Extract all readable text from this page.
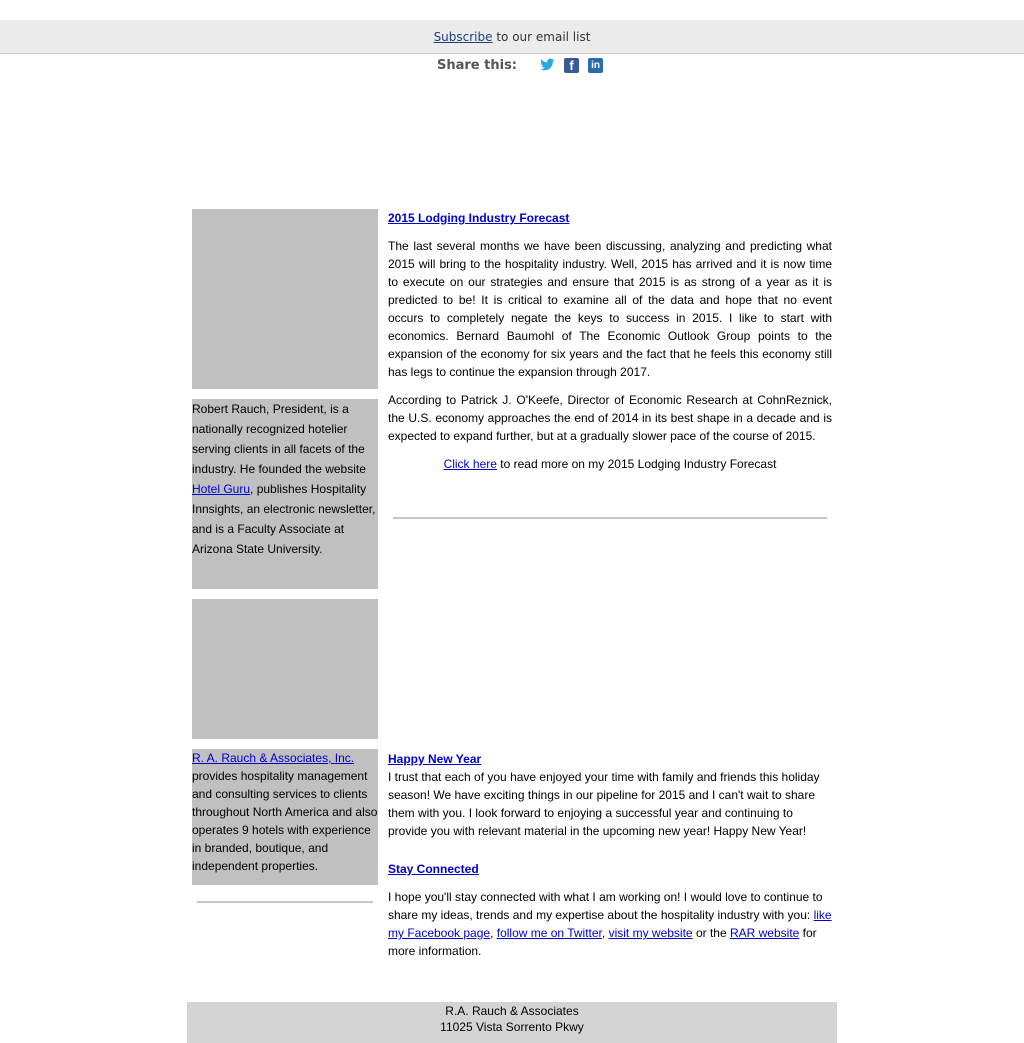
Subscribe to our email list
Share this:	f	in
Robert Rauch, President, is a nationally recognized hotelier serving clients in all facets of the industry. He founded the website Hotel Guru, publishes Hospitality Innsights, an electronic newsletter, and is a Faculty Associate at Arizona State University.
R. A. Rauch & Associates, Inc.
provides hospitality management and consulting services to clients throughout North America and also operates 9 hotels with experience in branded, boutique, and independent properties.

2015 Lodging Industry Forecast

The last several months we have been discussing, analyzing and predicting what 2015 will bring to the hospitality industry. Well, 2015 has arrived and it is now time to execute on our strategies and ensure that 2015 is as strong of a year as it is predicted to be! It is critical to examine all of the data and hope that no event occurs to completely negate the keys to success in 2015. I like to start with economics. Bernard Baumohl of The Economic Outlook Group points to the expansion of the economy for six years and the fact that he feels this economy still has legs to continue the expansion through 2017.

According to Patrick J. O'Keefe, Director of Economic Research at CohnReznick, the U.S. economy approaches the end of 2014 in its best shape in a decade and is expected to expand further, but at a gradually slower pace of the course of 2015.

Click here to read more on my 2015 Lodging Industry Forecast

Happy New Year

I trust that each of you have enjoyed your time with family and friends this holiday season! We have exciting things in our pipeline for 2015 and I can't wait to share them with you. I look forward to enjoying a successful year and continuing to provide you with relevant material in the upcoming new year! Happy New Year!

Stay Connected

I hope you'll stay connected with what I am working on! I would love to continue to share my ideas, trends and my expertise about the hospitality industry with you: like my Facebook page, follow me on Twitter, visit my website or the RAR website for more information.

R.A. Rauch & Associates
11025 Vista Sorrento Pkwy
